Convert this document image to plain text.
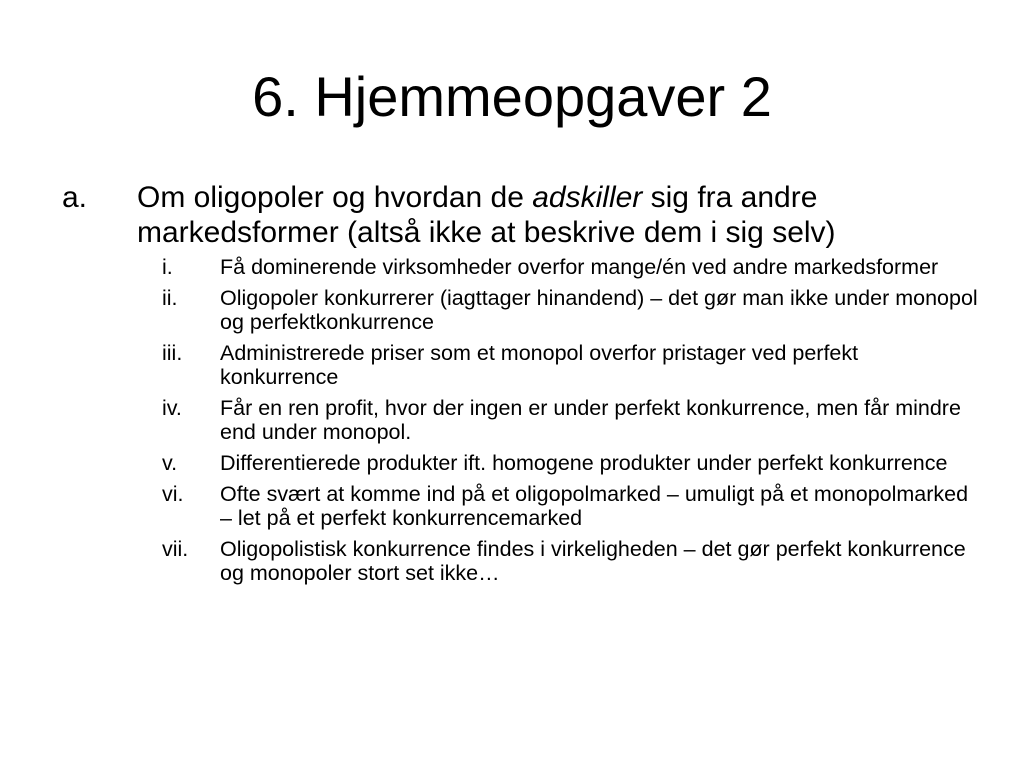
6. Hjemmeopgaver 2
a. Om oligopoler og hvordan de adskiller sig fra andre markedsformer (altså ikke at beskrive dem i sig selv)
i. Få dominerende virksomheder overfor mange/én ved andre markedsformer
ii. Oligopoler konkurrerer (iagttager hinandend) – det gør man ikke under monopol og perfektkonkurrence
iii. Administrerede priser som et monopol overfor pristager ved perfekt konkurrence
iv. Får en ren profit, hvor der ingen er under perfekt konkurrence, men får mindre end under monopol.
v. Differentierede produkter ift. homogene produkter under perfekt konkurrence
vi. Ofte svært at komme ind på et oligopolmarked – umuligt på et monopolmarked – let på et perfekt konkurrencemarked
vii. Oligopolistisk konkurrence findes i virkeligheden – det gør perfekt konkurrence og monopoler stort set ikke…
